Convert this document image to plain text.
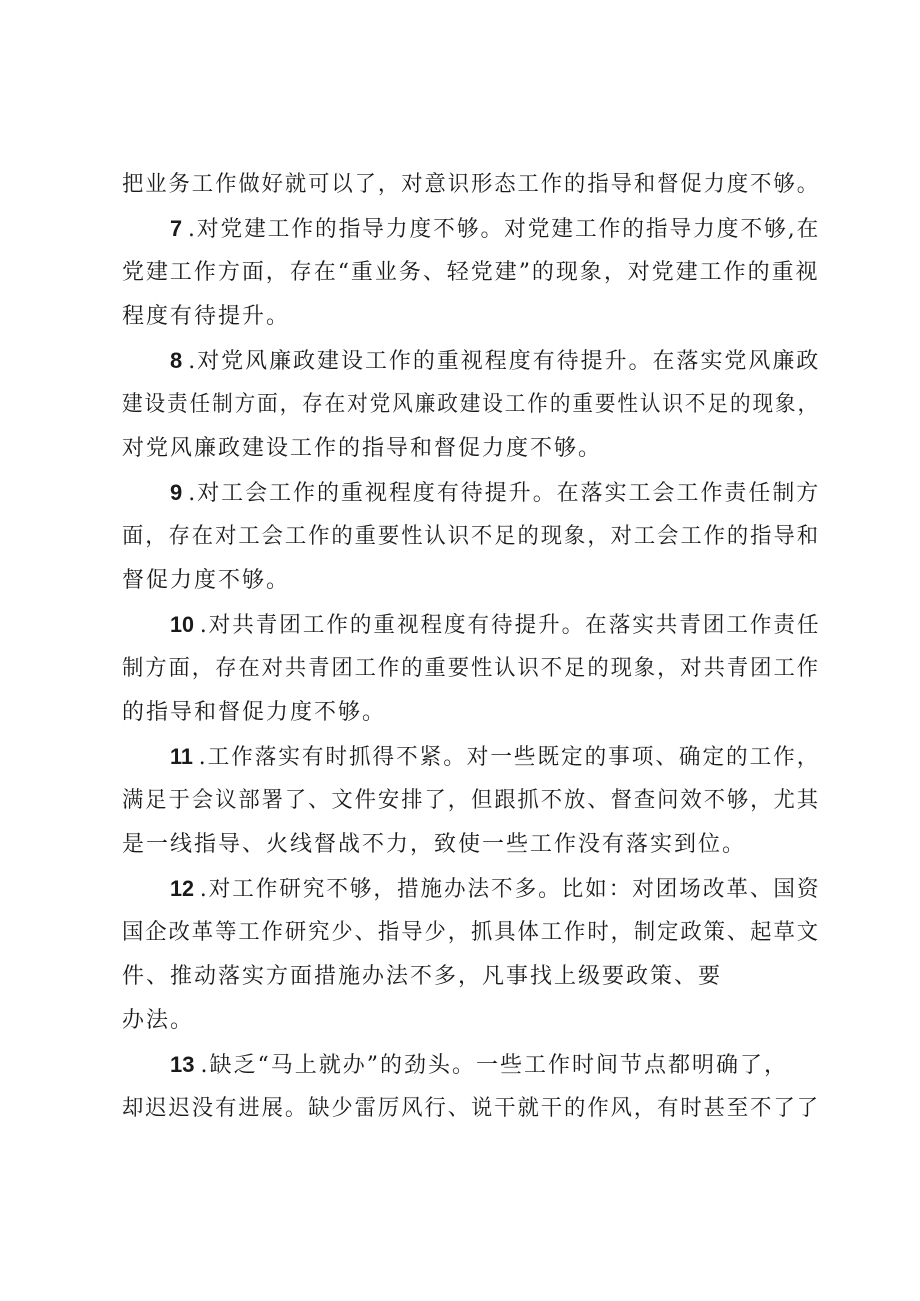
把业务工作做好就可以了，对意识形态工作的指导和督促力度不够。
7 .对党建工作的指导力度不够。对党建工作的指导力度不够,在
党建工作方面，存在“重业务、轻党建”的现象，对党建工作的重视
程度有待提升。
8 .对党风廉政建设工作的重视程度有待提升。在落实党风廉政
建设责任制方面，存在对党风廉政建设工作的重要性认识不足的现象，
对党风廉政建设工作的指导和督促力度不够。
9 .对工会工作的重视程度有待提升。在落实工会工作责任制方
面，存在对工会工作的重要性认识不足的现象，对工会工作的指导和
督促力度不够。
10 .对共青团工作的重视程度有待提升。在落实共青团工作责任
制方面，存在对共青团工作的重要性认识不足的现象，对共青团工作
的指导和督促力度不够。
11 .工作落实有时抓得不紧。对一些既定的事项、确定的工作，
满足于会议部署了、文件安排了，但跟抓不放、督查问效不够，尤其
是一线指导、火线督战不力，致使一些工作没有落实到位。
12 .对工作研究不够，措施办法不多。比如：对团场改革、国资
国企改革等工作研究少、指导少，抓具体工作时，制定政策、起草文
件、推动落实方面措施办法不多，凡事找上级要政策、要
办法。
13 .缺乏“马上就办”的劲头。一些工作时间节点都明确了，
却迟迟没有进展。缺少雷厉风行、说干就干的作风，有时甚至不了了
